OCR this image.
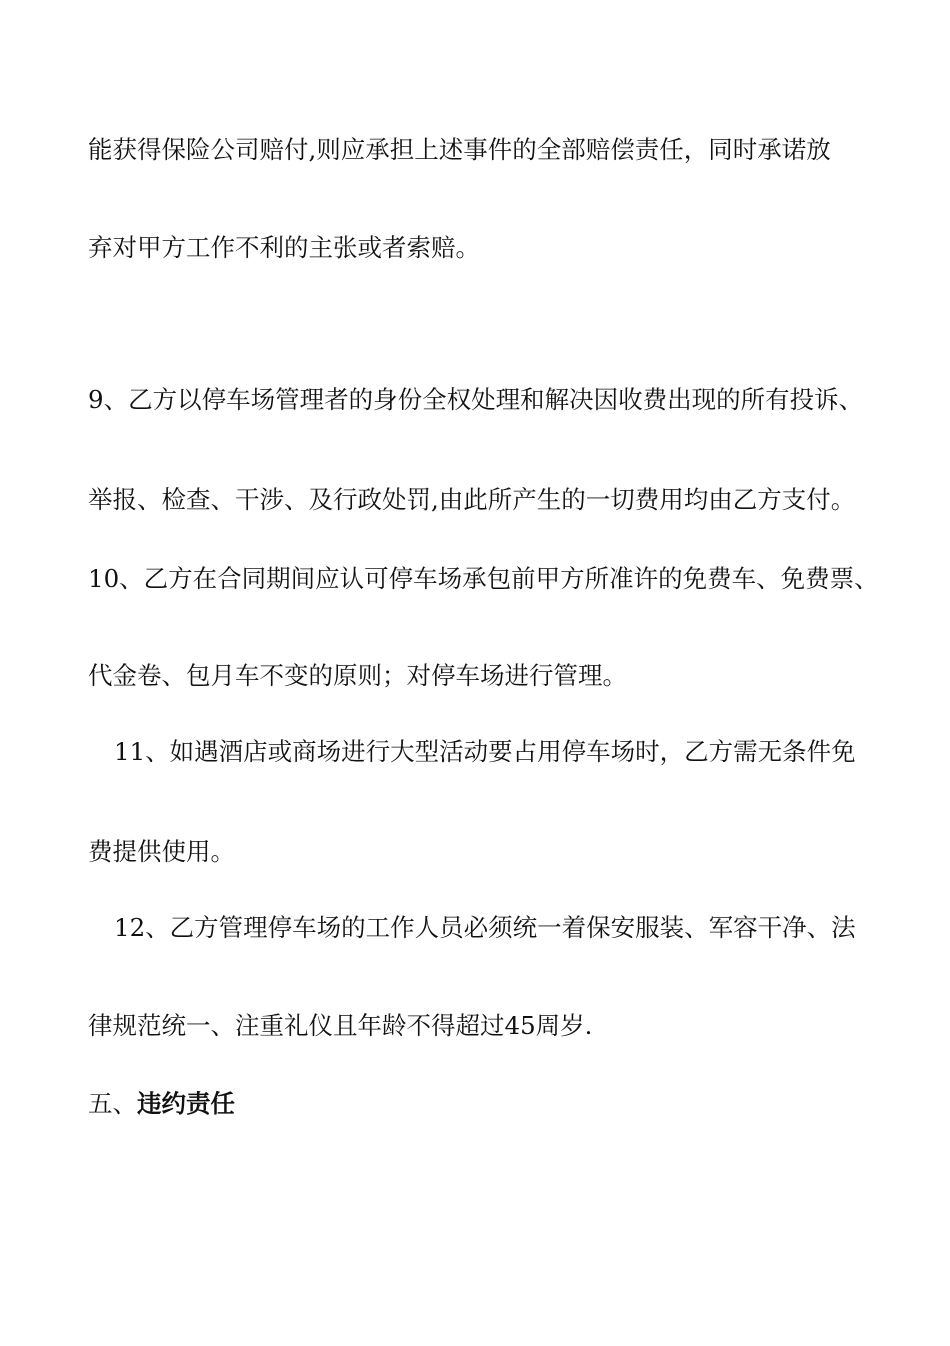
能获得保险公司赔付,则应承担上述事件的全部赔偿责任，同时承诺放
弃对甲方工作不利的主张或者索赔。
9、乙方以停车场管理者的身份全权处理和解决因收费出现的所有投诉、
举报、检查、干涉、及行政处罚,由此所产生的一切费用均由乙方支付。
10、乙方在合同期间应认可停车场承包前甲方所准许的免费车、免费票、
代金卷、包月车不变的原则；对停车场进行管理。
11、如遇酒店或商场进行大型活动要占用停车场时，乙方需无条件免
费提供使用。
12、乙方管理停车场的工作人员必须统一着保安服装、军容干净、法
律规范统一、注重礼仪且年龄不得超过45周岁.
五、违约责任
